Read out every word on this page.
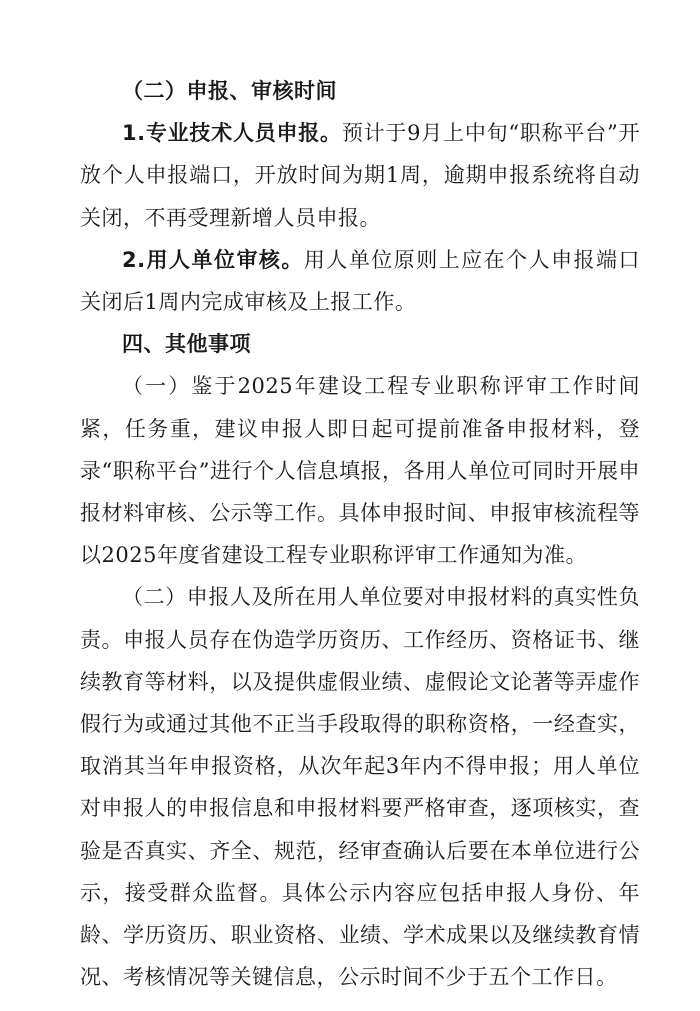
（二）申报、审核时间

1.专业技术人员申报。预计于9月上中旬“职称平台”开放个人申报端口，开放时间为期1周，逾期申报系统将自动关闭，不再受理新增人员申报。

2.用人单位审核。用人单位原则上应在个人申报端口关闭后1周内完成审核及上报工作。

四、其他事项

（一）鉴于2025年建设工程专业职称评审工作时间紧，任务重，建议申报人即日起可提前准备申报材料，登录“职称平台”进行个人信息填报，各用人单位可同时开展申报材料审核、公示等工作。具体申报时间、申报审核流程等以2025年度省建设工程专业职称评审工作通知为准。

（二）申报人及所在用人单位要对申报材料的真实性负责。申报人员存在伪造学历资历、工作经历、资格证书、继续教育等材料，以及提供虚假业绩、虚假论文论著等弄虚作假行为或通过其他不正当手段取得的职称资格，一经查实，取消其当年申报资格，从次年起3年内不得申报；用人单位对申报人的申报信息和申报材料要严格审查，逐项核实，查验是否真实、齐全、规范，经审查确认后要在本单位进行公示，接受群众监督。具体公示内容应包括申报人身份、年龄、学历资历、职业资格、业绩、学术成果以及继续教育情况、考核情况等关键信息，公示时间不少于五个工作日。
